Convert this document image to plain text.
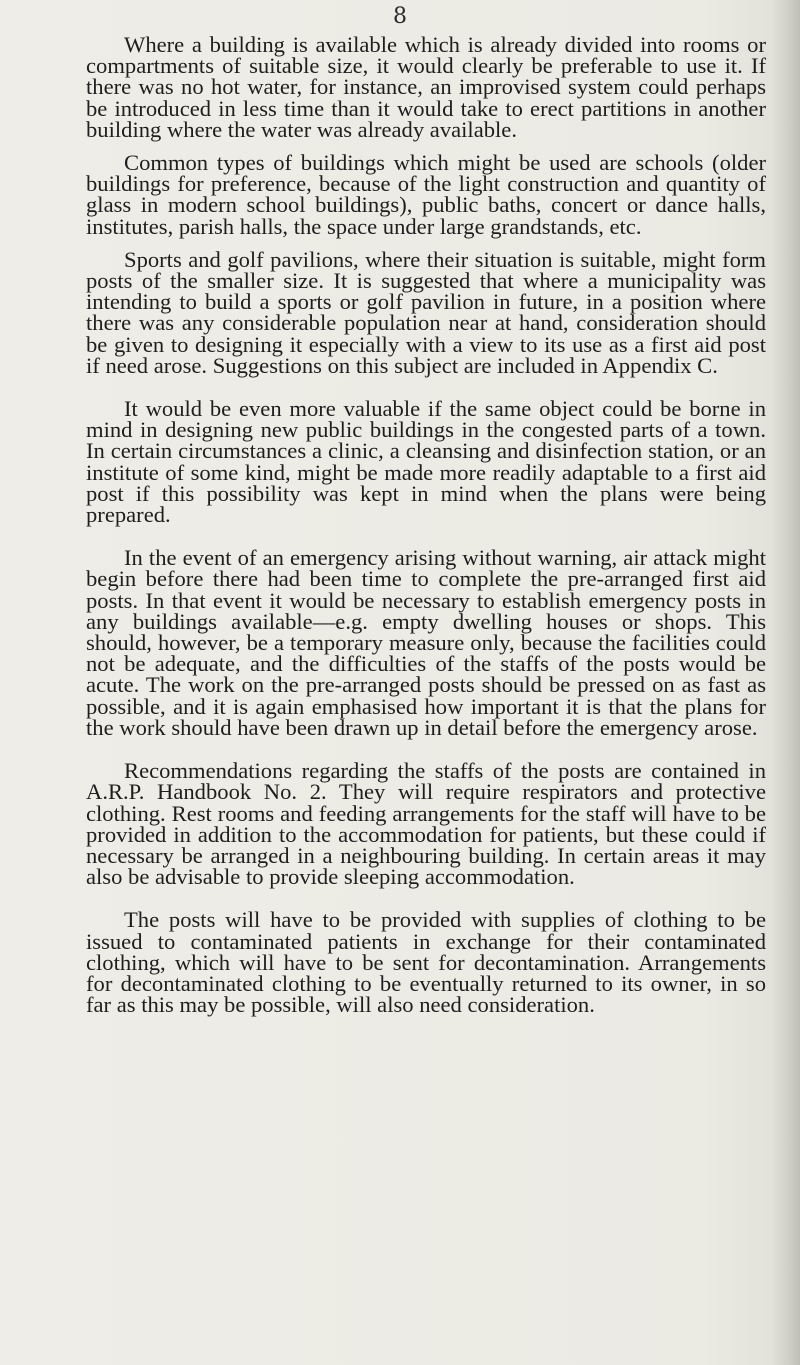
8

Where a building is available which is already divided into rooms or compartments of suitable size, it would clearly be preferable to use it. If there was no hot water, for instance, an improvised system could perhaps be introduced in less time than it would take to erect partitions in another building where the water was already available.

Common types of buildings which might be used are schools (older buildings for preference, because of the light construction and quantity of glass in modern school buildings), public baths, concert or dance halls, institutes, parish halls, the space under large grandstands, etc.

Sports and golf pavilions, where their situation is suitable, might form posts of the smaller size. It is suggested that where a municipality was intending to build a sports or golf pavilion in future, in a position where there was any considerable population near at hand, consideration should be given to designing it especially with a view to its use as a first aid post if need arose. Suggestions on this subject are included in Appendix C.

It would be even more valuable if the same object could be borne in mind in designing new public buildings in the congested parts of a town. In certain circumstances a clinic, a cleansing and disinfection station, or an institute of some kind, might be made more readily adaptable to a first aid post if this possibility was kept in mind when the plans were being prepared.

In the event of an emergency arising without warning, air attack might begin before there had been time to complete the pre-arranged first aid posts. In that event it would be necessary to establish emergency posts in any buildings available—e.g. empty dwelling houses or shops. This should, however, be a temporary measure only, because the facilities could not be adequate, and the difficulties of the staffs of the posts would be acute. The work on the pre-arranged posts should be pressed on as fast as possible, and it is again emphasised how important it is that the plans for the work should have been drawn up in detail before the emergency arose.

Recommendations regarding the staffs of the posts are contained in A.R.P. Handbook No. 2. They will require respirators and protective clothing. Rest rooms and feeding arrangements for the staff will have to be provided in addition to the accommodation for patients, but these could if necessary be arranged in a neighbouring building. In certain areas it may also be advisable to provide sleeping accommodation.

The posts will have to be provided with supplies of clothing to be issued to contaminated patients in exchange for their contaminated clothing, which will have to be sent for decontamination. Arrangements for decontaminated clothing to be eventually returned to its owner, in so far as this may be possible, will also need consideration.
